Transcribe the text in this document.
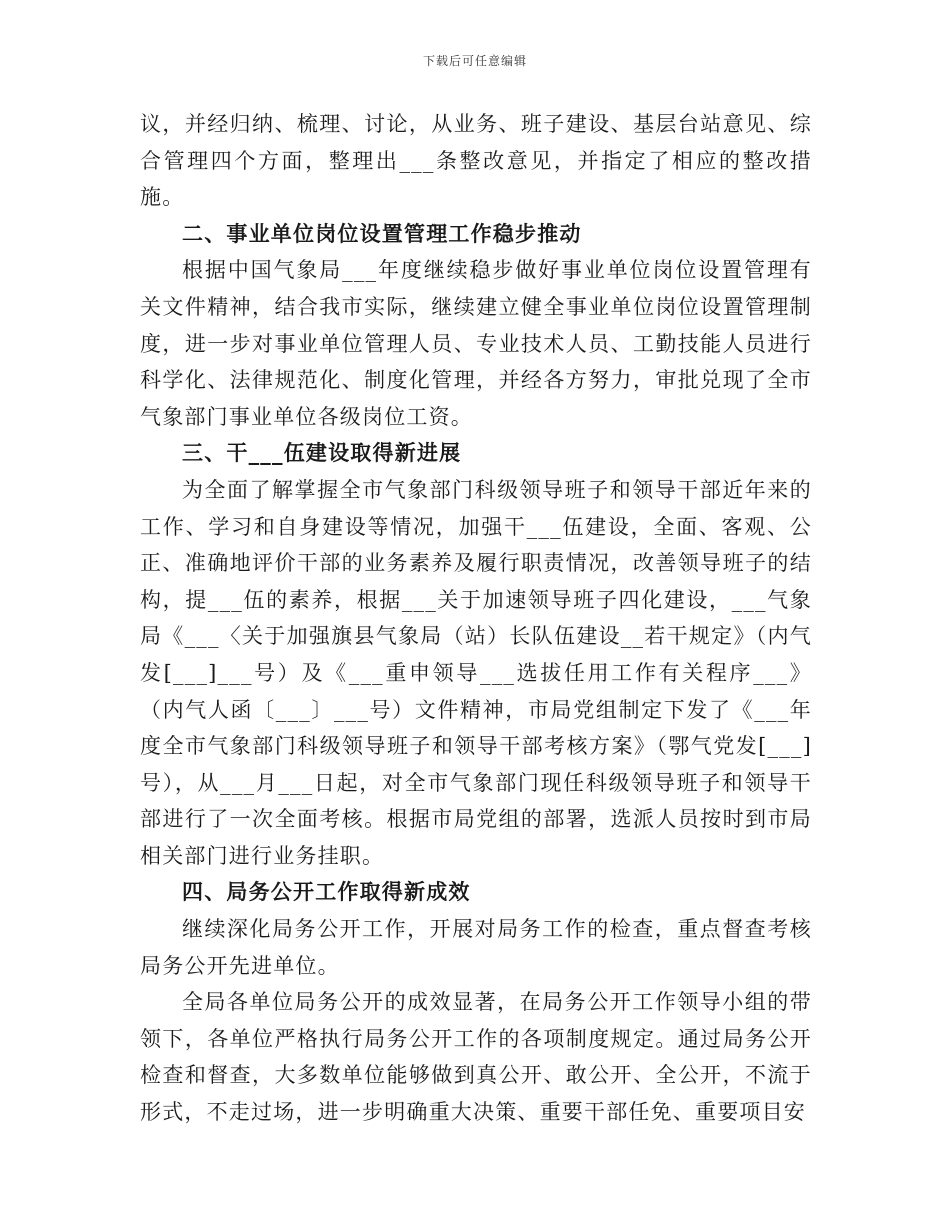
下载后可任意编辑

议，并经归纳、梳理、讨论，从业务、班子建设、基层台站意见、综合管理四个方面，整理出___条整改意见，并指定了相应的整改措施。

二、事业单位岗位设置管理工作稳步推动

根据中国气象局___年度继续稳步做好事业单位岗位设置管理有关文件精神，结合我市实际，继续建立健全事业单位岗位设置管理制度，进一步对事业单位管理人员、专业技术人员、工勤技能人员进行科学化、法律规范化、制度化管理，并经各方努力，审批兑现了全市气象部门事业单位各级岗位工资。

三、干___伍建设取得新进展

为全面了解掌握全市气象部门科级领导班子和领导干部近年来的工作、学习和自身建设等情况，加强干___伍建设，全面、客观、公正、准确地评价干部的业务素养及履行职责情况，改善领导班子的结构，提___伍的素养，根据___关于加速领导班子四化建设，___气象局《___〈关于加强旗县气象局（站）长队伍建设__若干规定》（内气发[___]___号）及《___重申领导___选拔任用工作有关程序___》（内气人函〔___〕___号）文件精神，市局党组制定下发了《___年度全市气象部门科级领导班子和领导干部考核方案》（鄂气党发[___]号），从___月___日起，对全市气象部门现任科级领导班子和领导干部进行了一次全面考核。根据市局党组的部署，选派人员按时到市局相关部门进行业务挂职。

四、局务公开工作取得新成效

继续深化局务公开工作，开展对局务工作的检查，重点督查考核局务公开先进单位。

全局各单位局务公开的成效显著，在局务公开工作领导小组的带领下，各单位严格执行局务公开工作的各项制度规定。通过局务公开检查和督查，大多数单位能够做到真公开、敢公开、全公开，不流于形式，不走过场，进一步明确重大决策、重要干部任免、重要项目安
